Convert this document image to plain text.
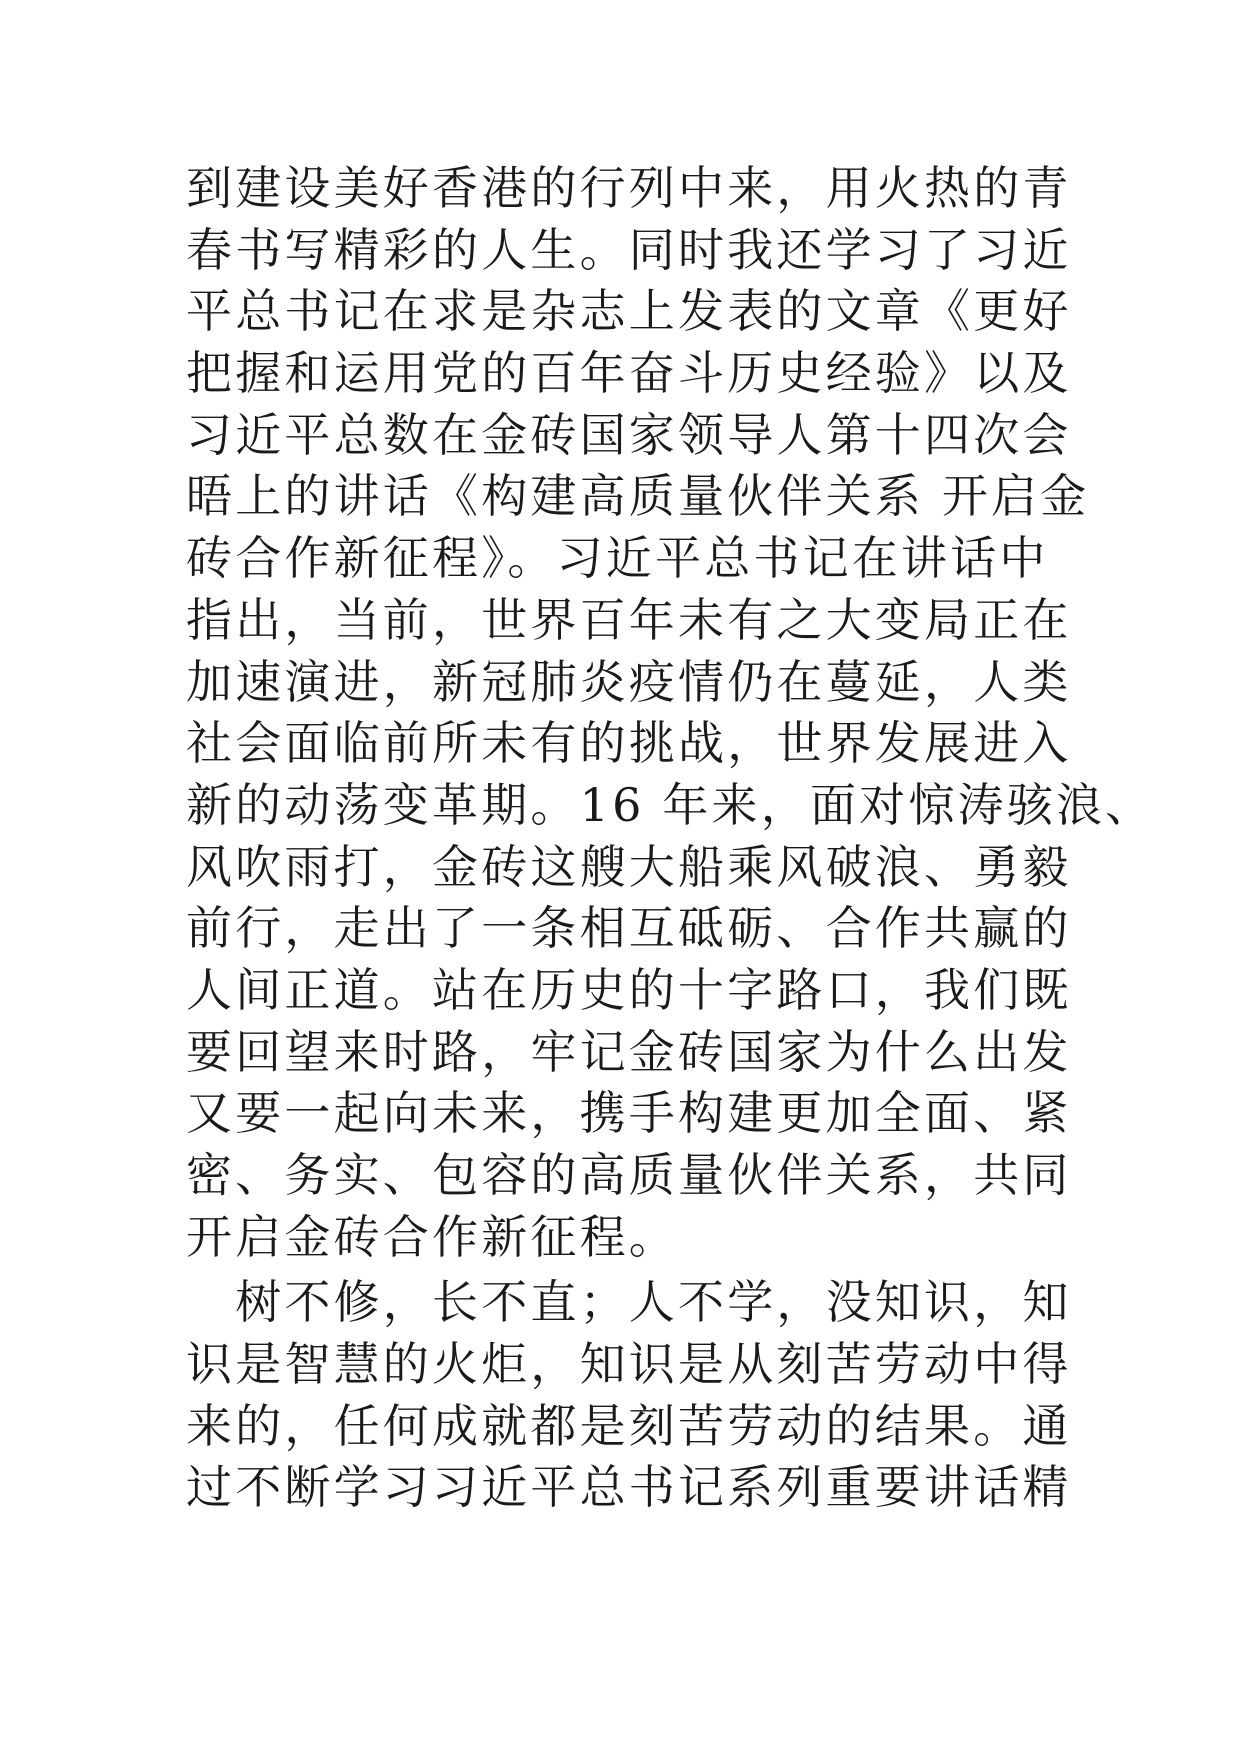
到建设美好香港的行列中来，用火热的青
春书写精彩的人生。同时我还学习了习近
平总书记在求是杂志上发表的文章《更好
把握和运用党的百年奋斗历史经验》以及
习近平总数在金砖国家领导人第十四次会
晤上的讲话《构建高质量伙伴关系 开启金
砖合作新征程》。习近平总书记在讲话中
指出，当前，世界百年未有之大变局正在
加速演进，新冠肺炎疫情仍在蔓延，人类
社会面临前所未有的挑战，世界发展进入
新的动荡变革期。16 年来，面对惊涛骇浪、
风吹雨打，金砖这艘大船乘风破浪、勇毅
前行，走出了一条相互砥砺、合作共赢的
人间正道。站在历史的十字路口，我们既
要回望来时路，牢记金砖国家为什么出发
又要一起向未来，携手构建更加全面、紧
密、务实、包容的高质量伙伴关系，共同
开启金砖合作新征程。
　树不修，长不直；人不学，没知识，知
识是智慧的火炬，知识是从刻苦劳动中得
来的，任何成就都是刻苦劳动的结果。通
过不断学习习近平总书记系列重要讲话精
